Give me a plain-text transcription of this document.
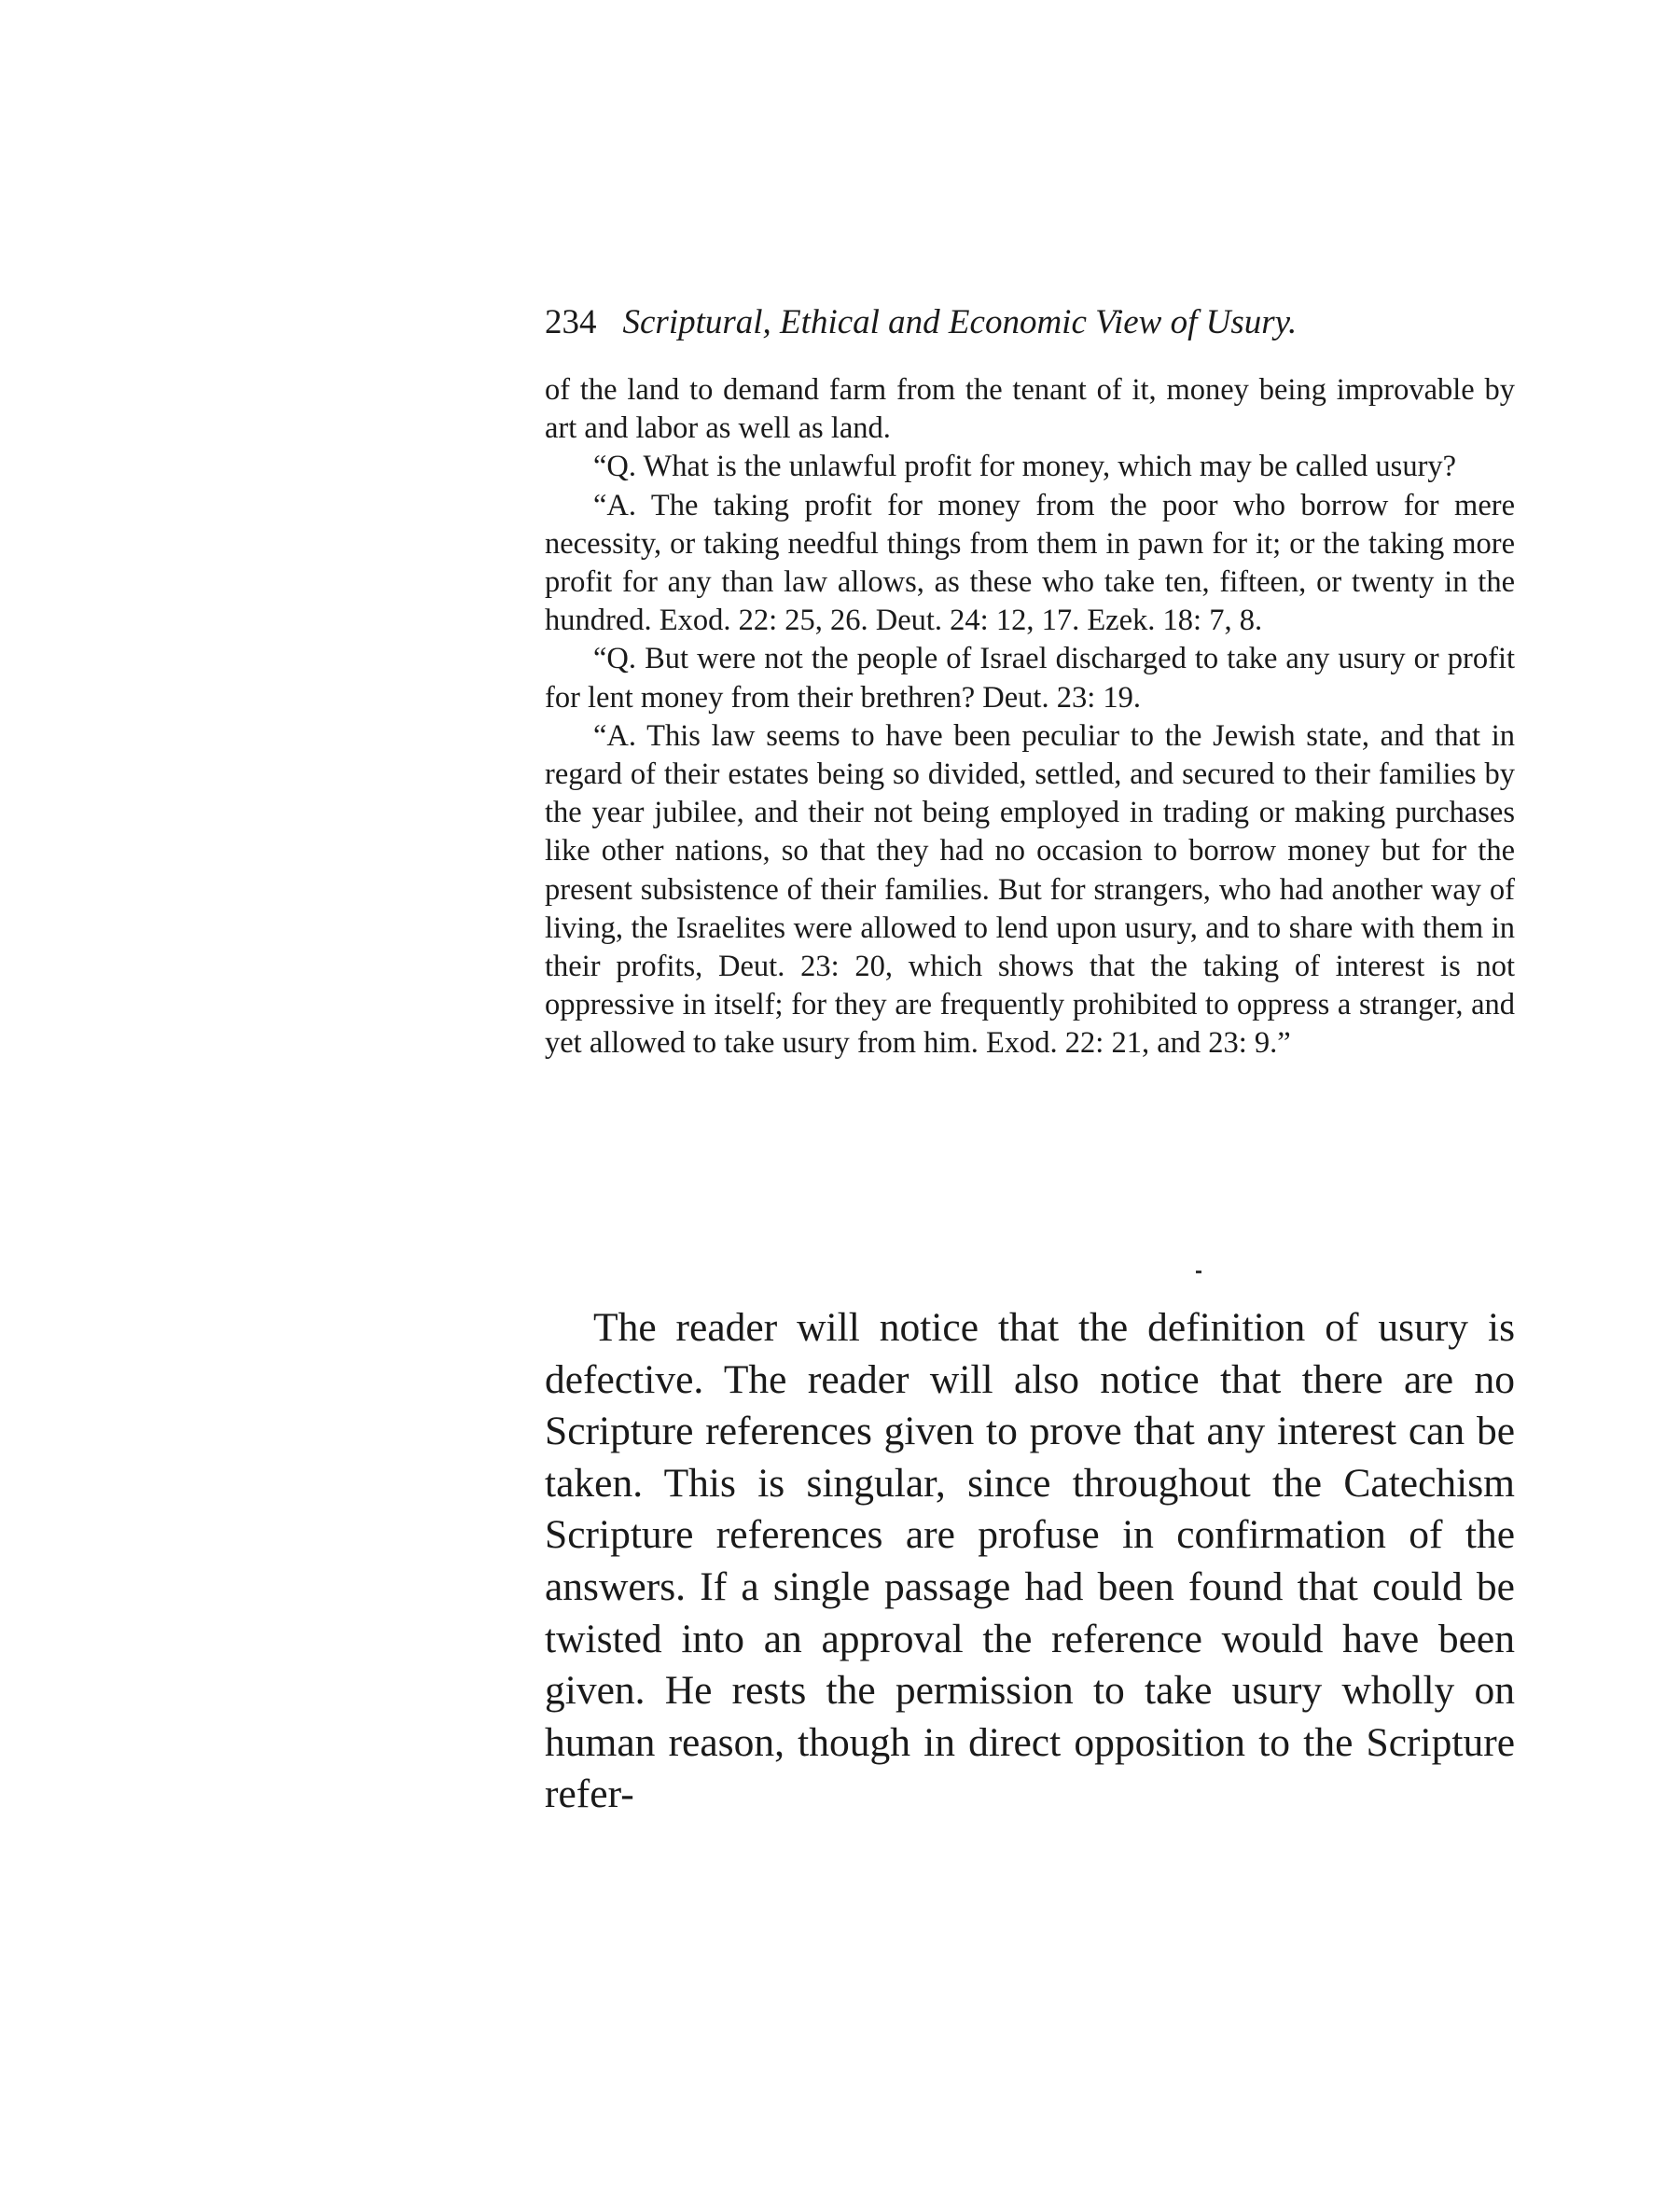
234 Scriptural, Ethical and Economic View of Usury.

of the land to demand farm from the tenant of it, money being improvable by art and labor as well as land.

“Q. What is the unlawful profit for money, which may be called usury?

“A. The taking profit for money from the poor who borrow for mere necessity, or taking needful things from them in pawn for it; or the taking more profit for any than law allows, as these who take ten, fifteen, or twenty in the hundred. Exod. 22: 25, 26. Deut. 24: 12, 17. Ezek. 18: 7, 8.

“Q. But were not the people of Israel discharged to take any usury or profit for lent money from their brethren? Deut. 23: 19.

“A. This law seems to have been peculiar to the Jewish state, and that in regard of their estates being so divided, settled, and secured to their families by the year jubilee, and their not being employed in trading or making purchases like other nations, so that they had no occasion to borrow money but for the present subsistence of their families. But for strangers, who had another way of living, the Israelites were allowed to lend upon usury, and to share with them in their profits, Deut. 23: 20, which shows that the taking of interest is not oppressive in itself; for they are frequently prohibited to oppress a stranger, and yet allowed to take usury from him. Exod. 22: 21, and 23: 9.”

The reader will notice that the definition of usury is defective. The reader will also notice that there are no Scripture references given to prove that any interest can be taken. This is singular, since throughout the Catechism Scripture references are profuse in confirmation of the answers. If a single passage had been found that could be twisted into an approval the reference would have been given. He rests the permission to take usury wholly on human reason, though in direct opposition to the Scripture refer-
